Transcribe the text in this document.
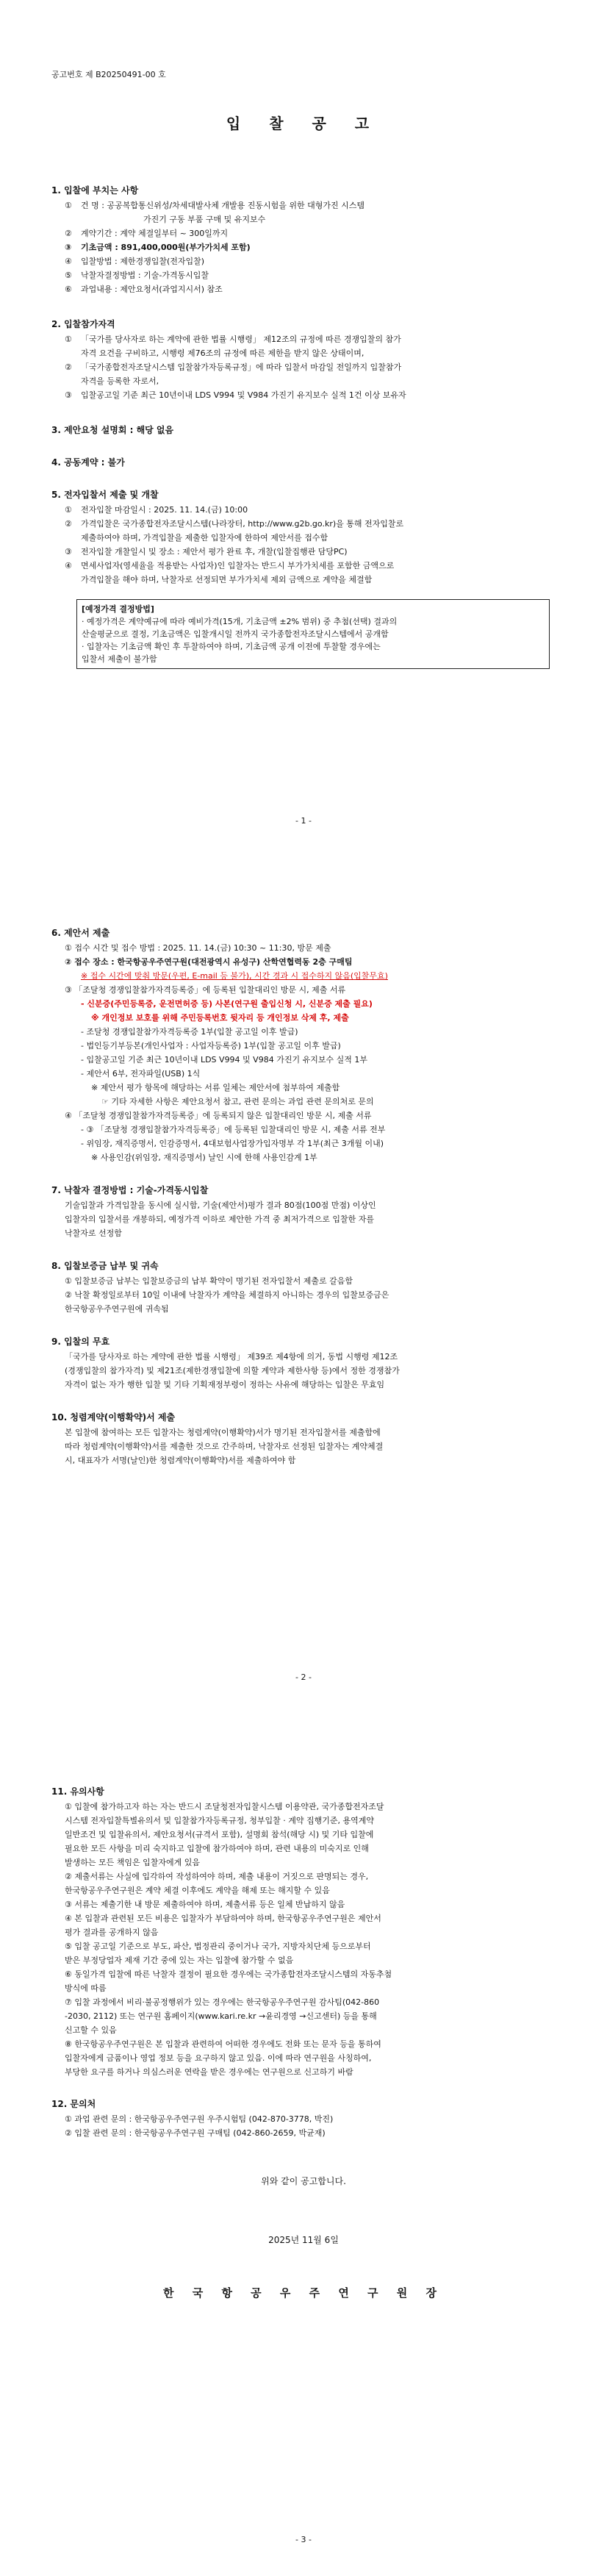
공고번호 제 B20250491-00 호
입 찰 공 고
1. 입찰에 부치는 사항
① 건 명 : 공공복합통신위성/차세대발사체 개발용 진동시험을 위한 대형가진 시스템
가진기 구동 부품 구매 및 유지보수
② 계약기간 : 계약 체결일부터 ~ 300일까지
③ 기초금액 : 891,400,000원(부가가치세 포함)
④ 입찰방법 : 제한경쟁입찰(전자입찰)
⑤ 낙찰자결정방법 : 기술-가격동시입찰
⑥ 과업내용 : 제안요청서(과업지시서) 참조
2. 입찰참가자격
① 「국가를 당사자로 하는 계약에 관한 법률 시행령」 제12조의 규정에 따른 경쟁입찰의 참가
자격 요건을 구비하고, 시행령 제76조의 규정에 따른 제한을 받지 않은 상태이며,
② 「국가종합전자조달시스템 입찰참가자등록규정」에 따라 입찰서 마감일 전일까지 입찰참가
자격을 등록한 자로서,
③ 입찰공고일 기준 최근 10년이내 LDS V994 및 V984 가진기 유지보수 실적 1건 이상 보유자
3. 제안요청 설명회 : 해당 없음
4. 공동계약 : 불가
5. 전자입찰서 제출 및 개찰
① 전자입찰 마감일시 : 2025. 11. 14.(금) 10:00
② 가격입찰은 국가종합전자조달시스템(나라장터, http://www.g2b.go.kr)을 통해 전자입찰로
제출하여야 하며, 가격입찰을 제출한 입찰자에 한하여 제안서를 접수함
③ 전자입찰 개찰일시 및 장소 : 제안서 평가 완료 후, 개찰(입찰집행관 담당PC)
④ 면세사업자(영세율을 적용받는 사업자)인 입찰자는 반드시 부가가치세를 포함한 금액으로
가격입찰을 해야 하며, 낙찰자로 선정되면 부가가치세 제외 금액으로 계약을 체결함
[예정가격 결정방법]
· 예정가격은 계약예규에 따라 예비가격(15개, 기초금액 ±2% 범위) 중 추첨(선택) 결과의
산술평균으로 결정, 기초금액은 입찰개시일 전까지 국가종합전자조달시스템에서 공개함
· 입찰자는 기초금액 확인 후 투찰하여야 하며, 기초금액 공개 이전에 투찰할 경우에는
입찰서 제출이 불가함
- 1 -
6. 제안서 제출
① 접수 시간 및 접수 방법 : 2025. 11. 14.(금) 10:30 ~ 11:30, 방문 제출
② 접수 장소 : 한국항공우주연구원(대전광역시 유성구) 산학연협력동 2층 구매팀
※ 접수 시간에 맞춰 방문(우편, E-mail 등 불가), 시간 경과 시 접수하지 않음(입찰무효)
③ 「조달청 경쟁입찰참가자격등록증」에 등록된 입찰대리인 방문 시, 제출 서류
- 신분증(주민등록증, 운전면허증 등) 사본(연구원 출입신청 시, 신분증 제출 필요)
※ 개인정보 보호를 위해 주민등록번호 뒷자리 등 개인정보 삭제 후, 제출
- 조달청 경쟁입찰참가자격등록증 1부(입찰 공고일 이후 발급)
- 법인등기부등본(개인사업자 : 사업자등록증) 1부(입찰 공고일 이후 발급)
- 입찰공고일 기준 최근 10년이내 LDS V994 및 V984 가진기 유지보수 실적 1부
- 제안서 6부, 전자파일(USB) 1식
※ 제안서 평가 항목에 해당하는 서류 일체는 제안서에 첨부하여 제출함
☞ 기타 자세한 사항은 제안요청서 참고, 관련 문의는 과업 관련 문의처로 문의
④ 「조달청 경쟁입찰참가자격등록증」에 등록되지 않은 입찰대리인 방문 시, 제출 서류
- ③ 「조달청 경쟁입찰참가자격등록증」에 등록된 입찰대리인 방문 시, 제출 서류 전부
- 위임장, 재직증명서, 인감증명서, 4대보험사업장가입자명부 각 1부(최근 3개월 이내)
※ 사용인감(위임장, 재직증명서) 날인 시에 한해 사용인감계 1부
7. 낙찰자 결정방법 : 기술-가격동시입찰
기술입찰과 가격입찰을 동시에 실시함, 기술(제안서)평가 결과 80점(100점 만점) 이상인
입찰자의 입찰서를 개봉하되, 예정가격 이하로 제안한 가격 중 최저가격으로 입찰한 자를
낙찰자로 선정함
8. 입찰보증금 납부 및 귀속
① 입찰보증금 납부는 입찰보증금의 납부 확약이 명기된 전자입찰서 제출로 갈음함
② 낙찰 확정일로부터 10일 이내에 낙찰자가 계약을 체결하지 아니하는 경우의 입찰보증금은
한국항공우주연구원에 귀속됨
9. 입찰의 무효
「국가를 당사자로 하는 계약에 관한 법률 시행령」 제39조 제4항에 의거, 동법 시행령 제12조
(경쟁입찰의 참가자격) 및 제21조(제한경쟁입찰에 의할 계약과 제한사항 등)에서 정한 경쟁참가
자격이 없는 자가 행한 입찰 및 기타 기획재정부령이 정하는 사유에 해당하는 입찰은 무효임
10. 청렴계약(이행확약)서 제출
본 입찰에 참여하는 모든 입찰자는 청렴계약(이행확약)서가 명기된 전자입찰서를 제출함에
따라 청렴계약(이행확약)서를 제출한 것으로 간주하며, 낙찰자로 선정된 입찰자는 계약체결
시, 대표자가 서명(날인)한 청렴계약(이행확약)서를 제출하여야 함
- 2 -
11. 유의사항
① 입찰에 참가하고자 하는 자는 반드시 조달청전자입찰시스템 이용약관, 국가종합전자조달
시스템 전자입찰특별유의서 및 입찰참가자등록규정, 청부입찰 · 계약 집행기준, 용역계약
일반조건 및 입찰유의서, 제안요청서(규격서 포함), 설명회 참석(해당 시) 및 기타 입찰에
필요한 모든 사항을 미리 숙지하고 입찰에 참가하여야 하며, 관련 내용의 미숙지로 인해
발생하는 모든 책임은 입찰자에게 있음
② 제출서류는 사실에 입각하여 작성하여야 하며, 제출 내용이 거짓으로 판명되는 경우,
한국항공우주연구원은 계약 체결 이후에도 계약을 해제 또는 해지할 수 있음
③ 서류는 제출기한 내 방문 제출하여야 하며, 제출서류 등은 일체 반납하지 않음
④ 본 입찰과 관련된 모든 비용은 입찰자가 부담하여야 하며, 한국항공우주연구원은 제안서
평가 결과를 공개하지 않음
⑤ 입찰 공고일 기준으로 부도, 파산, 법정관리 중이거나 국가, 지방자치단체 등으로부터
받은 부정당업자 제재 기간 중에 있는 자는 입찰에 참가할 수 없음
⑥ 동일가격 입찰에 따른 낙찰자 결정이 필요한 경우에는 국가종합전자조달시스템의 자동추첨
방식에 따름
⑦ 입찰 과정에서 비리·불공정행위가 있는 경우에는 한국항공우주연구원 감사팀(042-860
-2030, 2112) 또는 연구원 홈페이지(www.kari.re.kr →윤리경영 →신고센터) 등을 통해
신고할 수 있음
⑧ 한국항공우주연구원은 본 입찰과 관련하여 어떠한 경우에도 전화 또는 문자 등을 통하여
입찰자에게 금품이나 영업 정보 등을 요구하지 않고 있음. 이에 따라 연구원을 사칭하여,
부당한 요구를 하거나 의심스러운 연락을 받은 경우에는 연구원으로 신고하기 바람
12. 문의처
① 과업 관련 문의 : 한국항공우주연구원 우주시험팀 (042-870-3778, 박진)
② 입찰 관련 문의 : 한국항공우주연구원 구매팀 (042-860-2659, 박균재)
위와 같이 공고합니다.
2025년 11월 6일
한 국 항 공 우 주 연 구 원 장
- 3 -
